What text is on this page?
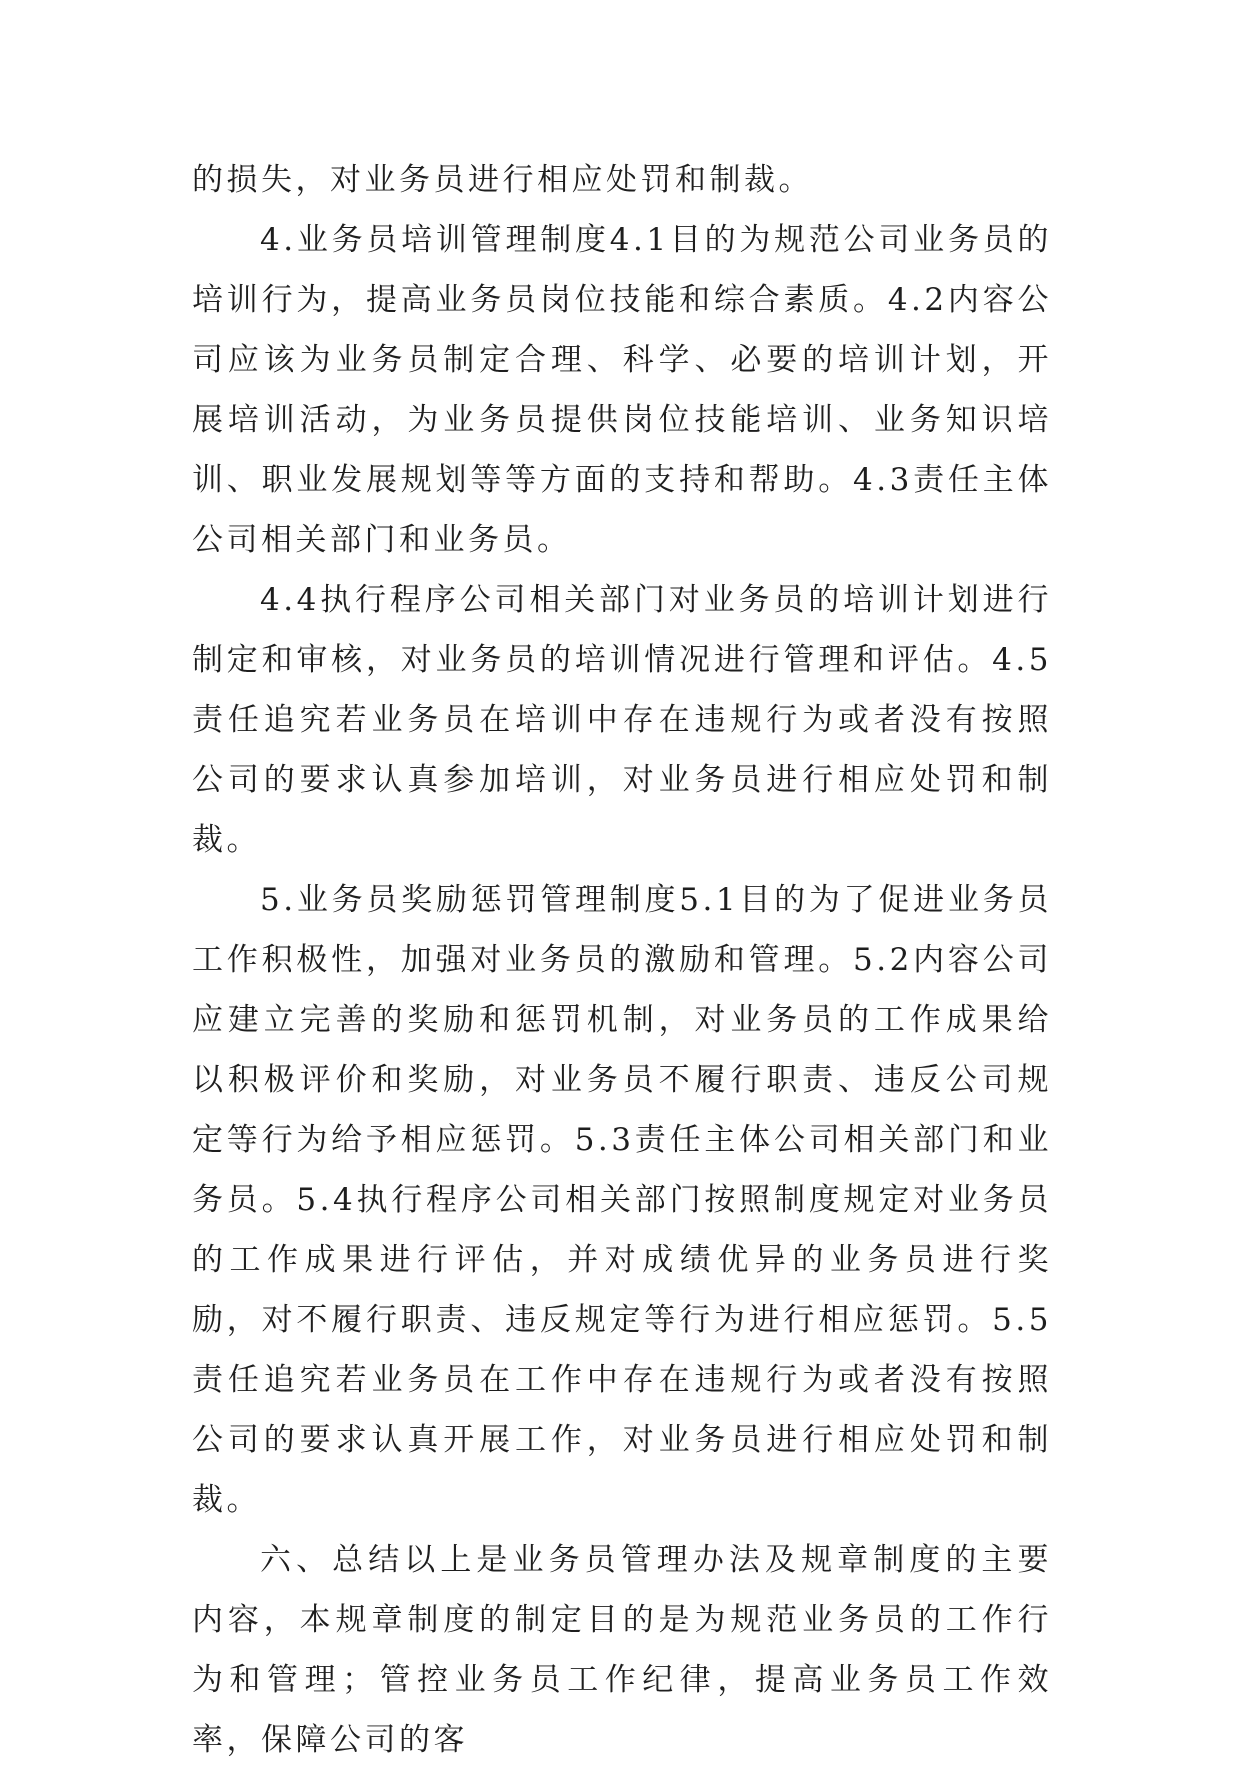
的损失，对业务员进行相应处罚和制裁。

4.业务员培训管理制度4.1目的为规范公司业务员的培训行为，提高业务员岗位技能和综合素质。4.2内容公司应该为业务员制定合理、科学、必要的培训计划，开展培训活动，为业务员提供岗位技能培训、业务知识培训、职业发展规划等等方面的支持和帮助。4.3责任主体公司相关部门和业务员。

4.4执行程序公司相关部门对业务员的培训计划进行制定和审核，对业务员的培训情况进行管理和评估。4.5责任追究若业务员在培训中存在违规行为或者没有按照公司的要求认真参加培训，对业务员进行相应处罚和制裁。

5.业务员奖励惩罚管理制度5.1目的为了促进业务员工作积极性，加强对业务员的激励和管理。5.2内容公司应建立完善的奖励和惩罚机制，对业务员的工作成果给以积极评价和奖励，对业务员不履行职责、违反公司规定等行为给予相应惩罚。5.3责任主体公司相关部门和业务员。5.4执行程序公司相关部门按照制度规定对业务员的工作成果进行评估，并对成绩优异的业务员进行奖励，对不履行职责、违反规定等行为进行相应惩罚。5.5责任追究若业务员在工作中存在违规行为或者没有按照公司的要求认真开展工作，对业务员进行相应处罚和制裁。

六、总结以上是业务员管理办法及规章制度的主要内容，本规章制度的制定目的是为规范业务员的工作行为和管理；管控业务员工作纪律，提高业务员工作效率，保障公司的客
